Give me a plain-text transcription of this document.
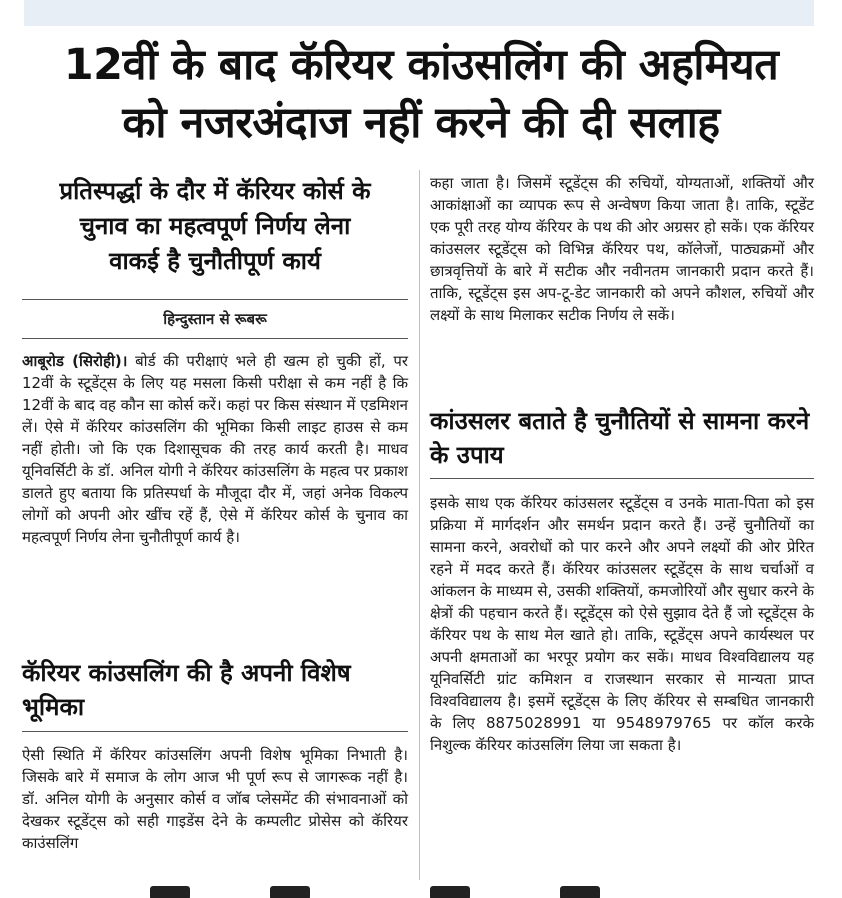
12वीं के बाद कॅरियर कांउसलिंग की अहमियत
को नजरअंदाज नहीं करने की दी सलाह
प्रतिस्पर्द्धा के दौर में कॅरियर कोर्स के
चुनाव का महत्वपूर्ण निर्णय लेना
वाकई है चुनौतीपूर्ण कार्य
हिन्दुस्तान से रूबरू

आबूरोड (सिरोही)। बोर्ड की परीक्षाएं भले ही खत्म हो चुकी हों, पर 12वीं के स्टूडेंट्स के लिए यह मसला किसी परीक्षा से कम नहीं है कि 12वीं के बाद वह कौन सा कोर्स करें। कहां पर किस संस्थान में एडमिशन लें। ऐसे में कॅरियर कांउसलिंग की भूमिका किसी लाइट हाउस से कम नहीं होती। जो कि एक दिशासूचक की तरह कार्य करती है। माधव यूनिवर्सिटी के डॉ. अनिल योगी ने कॅरियर कांउसलिंग के महत्व पर प्रकाश डालते हुए बताया कि प्रतिस्पर्धा के मौजूदा दौर में, जहां अनेक विकल्प लोगों को अपनी ओर खींच रहें हैं, ऐसे में कॅरियर कोर्स के चुनाव का महत्वपूर्ण निर्णय लेना चुनौतीपूर्ण कार्य है।

कॅरियर कांउसलिंग की है अपनी विशेष भूमिका

ऐसी स्थिति में कॅरियर कांउसलिंग अपनी विशेष भूमिका निभाती है। जिसके बारे में समाज के लोग आज भी पूर्ण रूप से जागरूक नहीं है। डॉ. अनिल योगी के अनुसार कोर्स व जॉब प्लेसमेंट की संभावनाओं को देखकर स्टूडेंट्स को सही गाइडेंस देने के कम्पलीट प्रोसेस को कॅरियर काउंसलिंग

कहा जाता है। जिसमें स्टूडेंट्स की रुचियों, योग्यताओं, शक्तियों और आकांक्षाओं का व्यापक रूप से अन्वेषण किया जाता है। ताकि, स्टूडेंट एक पूरी तरह योग्य कॅरियर के पथ की ओर अग्रसर हो सकें। एक कॅरियर कांउसलर स्टूडेंट्स को विभिन्न कॅरियर पथ, कॉलेजों, पाठ्यक्रमों और छात्रवृत्तियों के बारे में सटीक और नवीनतम जानकारी प्रदान करते हैं। ताकि, स्टूडेंट्स इस अप-टू-डेट जानकारी को अपने कौशल, रुचियों और लक्ष्यों के साथ मिलाकर सटीक निर्णय ले सकें।

कांउसलर बताते है चुनौतियों से सामना करने के उपाय

इसके साथ एक कॅरियर कांउसलर स्टूडेंट्स व उनके माता-पिता को इस प्रक्रिया में मार्गदर्शन और समर्थन प्रदान करते हैं। उन्हें चुनौतियों का सामना करने, अवरोधों को पार करने और अपने लक्ष्यों की ओर प्रेरित रहने में मदद करते हैं। कॅरियर कांउसलर स्टूडेंट्स के साथ चर्चाओं व आंकलन के माध्यम से, उसकी शक्तियों, कमजोरियों और सुधार करने के क्षेत्रों की पहचान करते हैं। स्टूडेंट्स को ऐसे सुझाव देते हैं जो स्टूडेंट्स के कॅरियर पथ के साथ मेल खाते हो। ताकि, स्टूडेंट्स अपने कार्यस्थल पर अपनी क्षमताओं का भरपूर प्रयोग कर सकें। माधव विश्वविद्यालय यह यूनिवर्सिटी ग्रांट कमिशन व राजस्थान सरकार से मान्यता प्राप्त विश्वविद्यालय है। इसमें स्टूडेंट्स के लिए कॅरियर से सम्बधित जानकारी के लिए 8875028991 या 9548979765 पर कॉल करके निशुल्क कॅरियर कांउसलिंग लिया जा सकता है।
